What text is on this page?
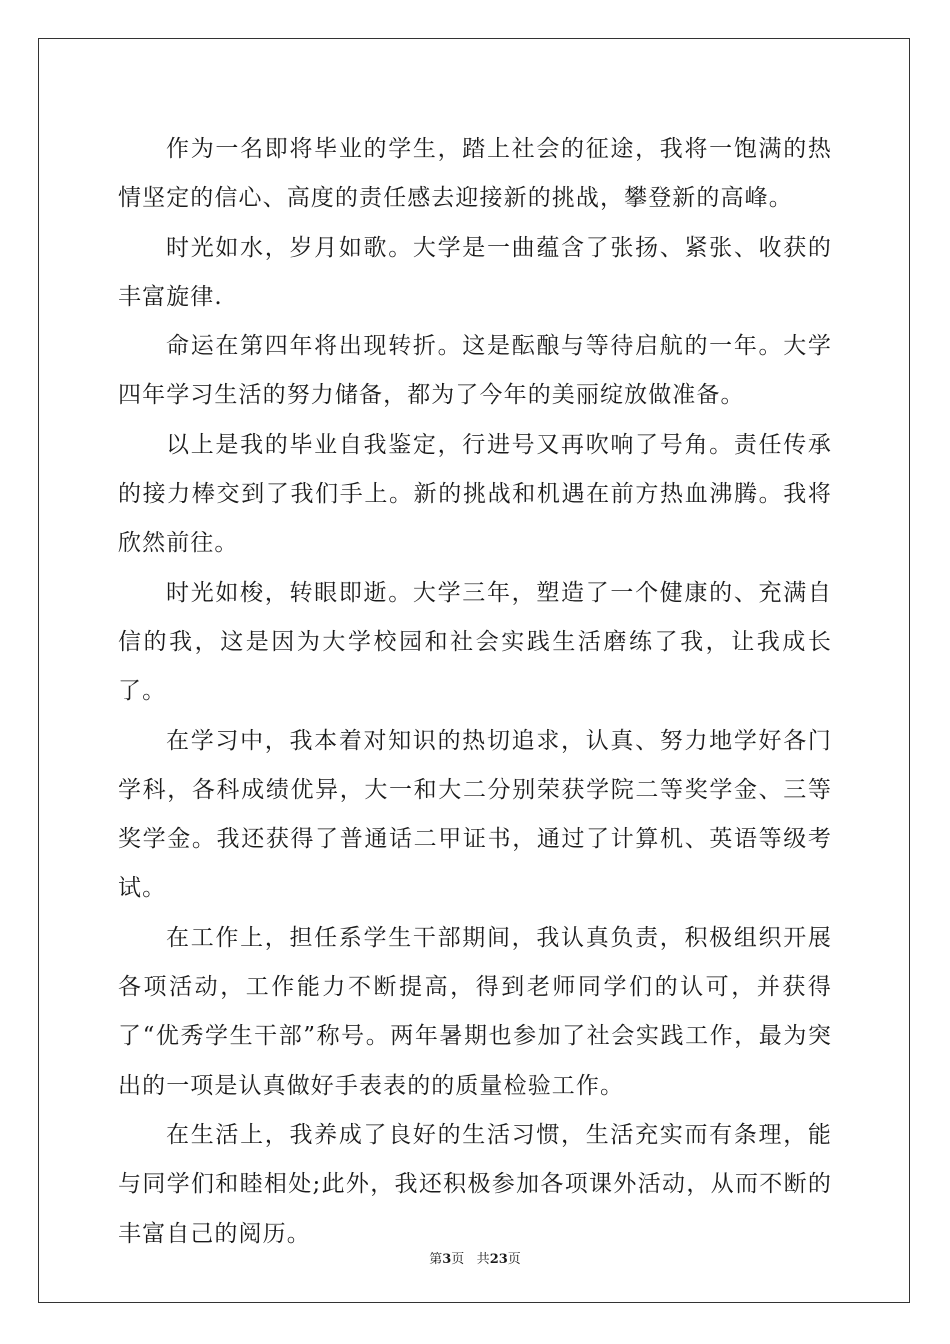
作为一名即将毕业的学生，踏上社会的征途，我将一饱满的热情坚定的信心、高度的责任感去迎接新的挑战，攀登新的高峰。

时光如水，岁月如歌。大学是一曲蕴含了张扬、紧张、收获的丰富旋律.

命运在第四年将出现转折。这是酝酿与等待启航的一年。大学四年学习生活的努力储备，都为了今年的美丽绽放做准备。

以上是我的毕业自我鉴定，行进号又再吹响了号角。责任传承的接力棒交到了我们手上。新的挑战和机遇在前方热血沸腾。我将欣然前往。

时光如梭，转眼即逝。大学三年，塑造了一个健康的、充满自信的我，这是因为大学校园和社会实践生活磨练了我，让我成长了。

在学习中，我本着对知识的热切追求，认真、努力地学好各门学科，各科成绩优异，大一和大二分别荣获学院二等奖学金、三等奖学金。我还获得了普通话二甲证书，通过了计算机、英语等级考试。

在工作上，担任系学生干部期间，我认真负责，积极组织开展各项活动，工作能力不断提高，得到老师同学们的认可，并获得了“优秀学生干部”称号。两年暑期也参加了社会实践工作，最为突出的一项是认真做好手表表的的质量检验工作。

在生活上，我养成了良好的生活习惯，生活充实而有条理，能与同学们和睦相处;此外，我还积极参加各项课外活动，从而不断的丰富自己的阅历。

第3页 共23页
